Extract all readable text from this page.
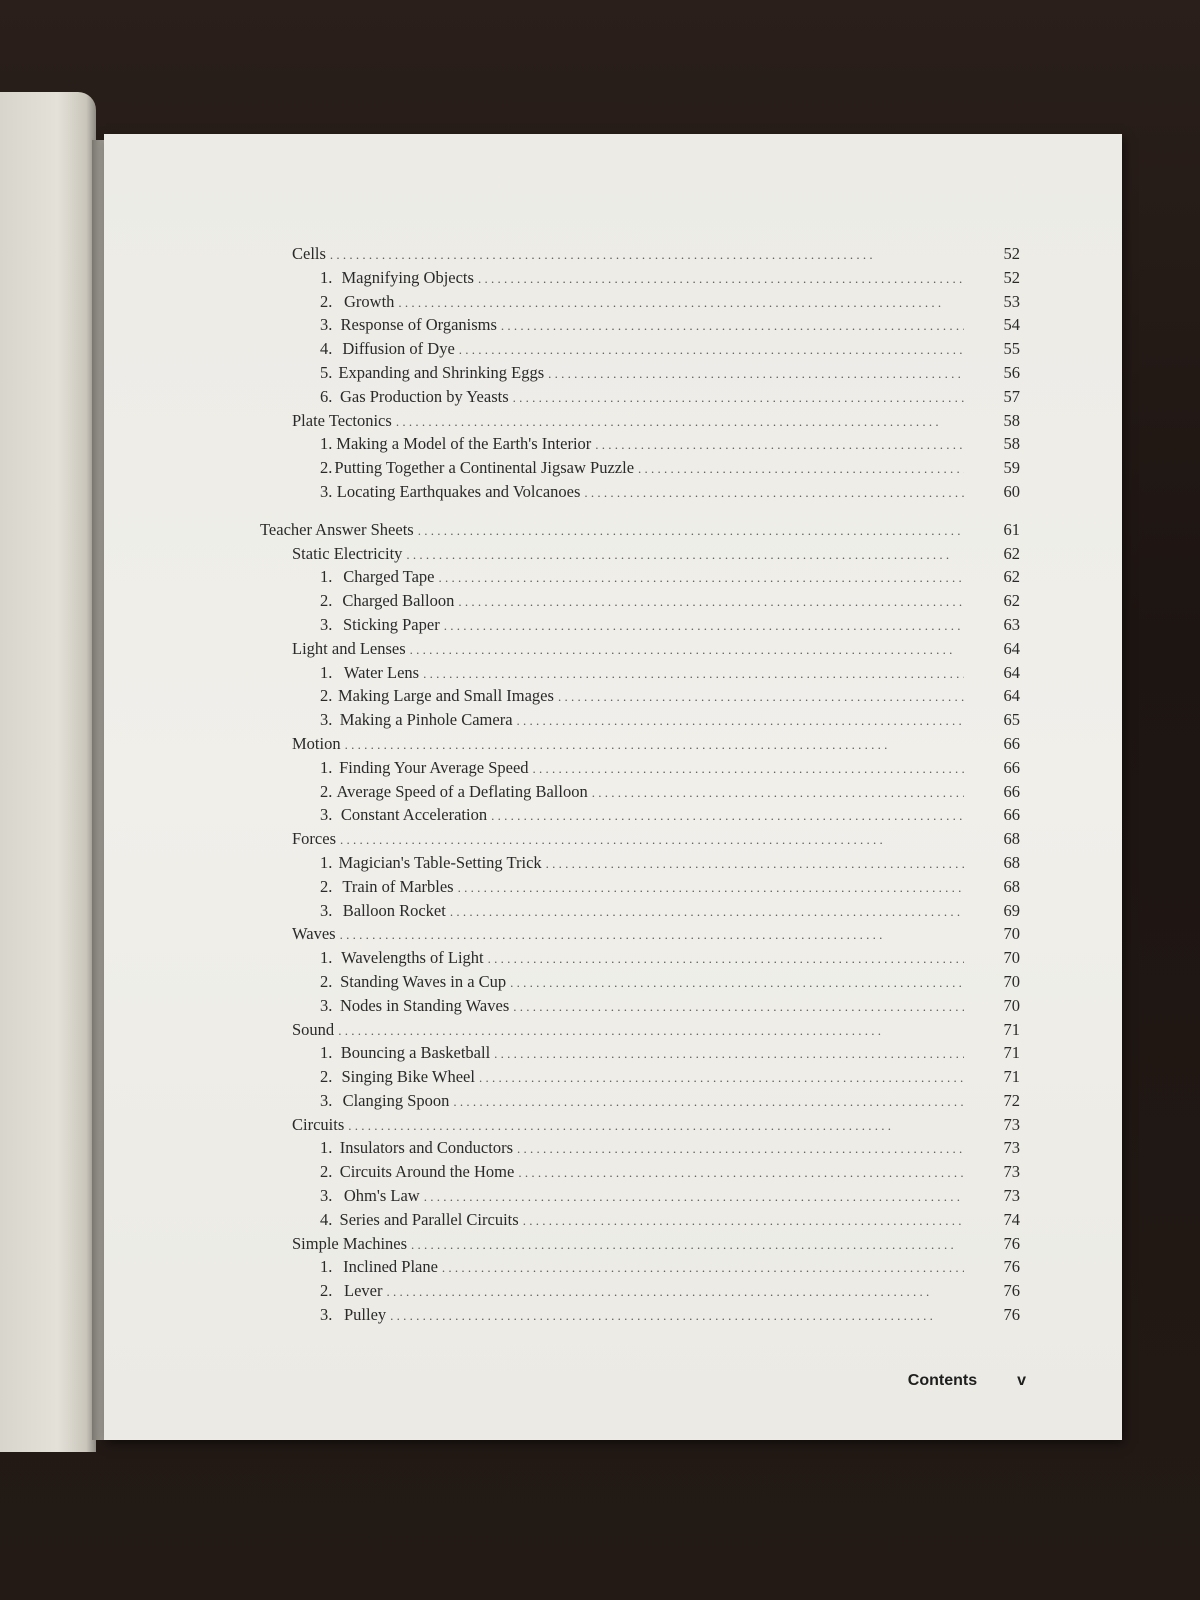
Cells . . .	52
1. Magnifying Objects . . .	52
2. Growth . . .	53
3. Response of Organisms . . .	54
4. Diffusion of Dye . . .	55
5. Expanding and Shrinking Eggs . . .	56
6. Gas Production by Yeasts . . .	57
Plate Tectonics . . .	58
1. Making a Model of the Earth's Interior . . .	58
2. Putting Together a Continental Jigsaw Puzzle . . .	59
3. Locating Earthquakes and Volcanoes . . .	60
Teacher Answer Sheets . . .	61
Static Electricity . . .	62
1. Charged Tape . . .	62
2. Charged Balloon . . .	62
3. Sticking Paper . . .	63
Light and Lenses . . .	64
1. Water Lens . . .	64
2. Making Large and Small Images . . .	64
3. Making a Pinhole Camera . . .	65
Motion . . .	66
1. Finding Your Average Speed . . .	66
2. Average Speed of a Deflating Balloon . . .	66
3. Constant Acceleration . . .	66
Forces . . .	68
1. Magician's Table-Setting Trick . . .	68
2. Train of Marbles . . .	68
3. Balloon Rocket . . .	69
Waves . . .	70
1. Wavelengths of Light . . .	70
2. Standing Waves in a Cup . . .	70
3. Nodes in Standing Waves . . .	70
Sound . . .	71
1. Bouncing a Basketball . . .	71
2. Singing Bike Wheel . . .	71
3. Clanging Spoon . . .	72
Circuits . . .	73
1. Insulators and Conductors . . .	73
2. Circuits Around the Home . . .	73
3. Ohm's Law . . .	73
4. Series and Parallel Circuits . . .	74
Simple Machines . . .	76
1. Inclined Plane . . .	76
2. Lever . . .	76
3. Pulley . . .	76
Contents	v
